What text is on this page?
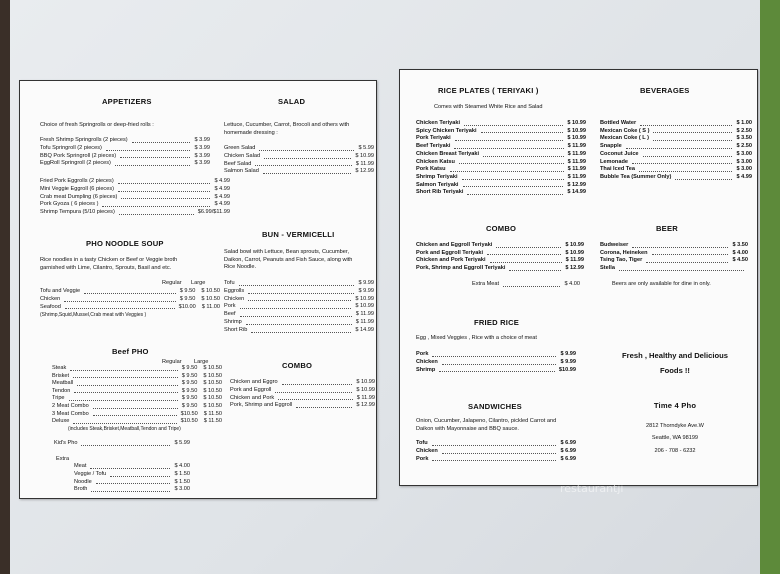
APPETIZERS
Choice of fresh Springrolls or deep-fried rolls :
Fresh Shrimp Springrolls (2 pieces)	$ 3.99
Tofu Springroll (2 pieces)	$ 3.99
BBQ Pork Springroll (2 pieces)	$ 3.99
EggRoll Springroll (2 pieces)	$ 3.99
Fried Pork Eggrolls (2 pieces)	$ 4.99
Mini Veggie Eggroll (6 pieces)	$ 4.99
Crab meat Dumpling (6 pieces)	$ 4.99
Pork Gyoza ( 6 pieces )	$ 4.99
Shrimp Tempura (5/10 pieces)	$6.99/$11.99
SALAD
Lettuce, Cucumber, Carrot, Brocoli and others with
homemade dressing :
Green Salad	$ 5.99
Chicken Salad	$ 10.99
Beef Salad	$ 11.99
Salmon Salad	$ 12.99
BUN - VERMICELLI
Salad bowl with Lettuce, Bean sprouts, Cucumber,
Daikon, Carrot, Peanuts and Fish Sauce, along with
Rice Noodle.
Tofu	$ 9.99
Eggrolls	$ 9.99
Chicken	$ 10.99
Pork	$ 10.99
Beef	$ 11.99
Shrimp	$ 11.99
Short Rib	$ 14.99
PHO NOODLE SOUP
Rice noodles in a tasty Chicken or Beef or Veggie broth
garnished with Lime, Cilantro, Sprouts, Basil and etc.
Regular Large
Tofu and Veggie	$ 9.50 $ 10.50
Chicken	$ 9.50 $ 10.50
Seafood	$10.00 $ 11.00
(Shrimp,Squid,Mussel,Crab meat with Veggies )
Beef PHO
Regular Large
Steak	$ 9.50 $ 10.50
Brisket	$ 9.50 $ 10.50
Meatball	$ 9.50 $ 10.50
Tendon	$ 9.50 $ 10.50
Tripe	$ 9.50 $ 10.50
2 Meat Combo	$ 9.50 $ 10.50
3 Meat Combo	$10.50 $ 11.50
Deluxe	$10.50 $ 11.50
(includes Steak,Brisket,Meatball,Tendon and Tripe)
Kid's Pho	$ 5.99
Extra
Meat	$ 4.00
Veggie / Tofu	$ 1.50
Noodle	$ 1.50
Broth	$ 3.00
COMBO
Chicken and Eggro	$ 10.99
Pork and Eggroll	$ 10.99
Chicken and Pork	$ 11.99
Pork, Shrimp and Eggroll	$ 12.99
RICE PLATES ( TERIYAKI )
Comes with Steamed White Rice and Salad
Chicken Teriyaki	$ 10.99
Spicy Chicken Teriyaki	$ 10.99
Pork Teriyaki	$ 10.99
Beef Teriyaki	$ 11.99
Chicken Breast Teriyaki	$ 11.99
Chicken Katsu	$ 11.99
Pork Katsu	$ 11.99
Shrimp Teriyaki	$ 11.99
Salmon Teriyaki	$ 12.99
Short Rib Teriyaki	$ 14.99
BEVERAGES
Bottled Water	$ 1.00
Mexican Coke ( S )	$ 2.50
Mexican Coke ( L )	$ 3.50
Snapple	$ 2.50
Coconut Juice	$ 3.00
Lemonade	$ 3.00
Thai Iced Tea	$ 3.00
Bubble Tea (Summer Only)	$ 4.99
COMBO
Chicken and Eggroll Teriyaki	$ 10.99
Pork and Eggroll Teriyaki	$ 10.99
Chicken and Pork Teriyaki	$ 11.99
Pork, Shrimp and Eggroll Teriyaki	$ 12.99
Extra Meat	$ 4.00
BEER
Budweiser	$ 3.50
Corona, Heineken	$ 4.00
Tsing Tao, Tiger	$ 4.50
Stella
Beers are only available for dine in only.
FRIED RICE
Egg , Mixed Veggies , Rice with a choice of meat
Pork	$ 9.99
Chicken	$ 9.99
Shrimp	$10.99
Fresh , Healthy and Delicious
Foods !!
SANDWICHES
Onion, Cucumber, Jalapeno, Cilantro, pickled Carrot and
Daikon with Mayonnaise and BBQ sauce.
Tofu	$ 6.99
Chicken	$ 6.99
Pork	$ 6.99
Time 4 Pho
2812 Thorndyke Ave.W
Seattle, WA 98199
206 - 708 - 6232
restaurantji
